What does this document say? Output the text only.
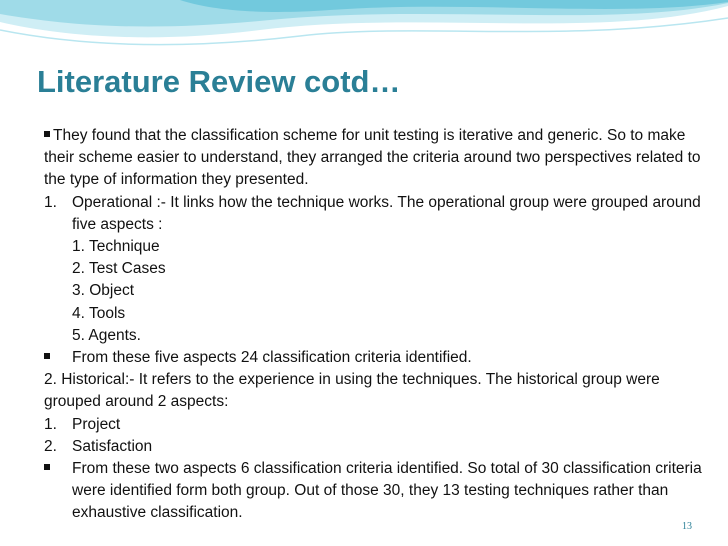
Literature Review cotd…
They found that the classification scheme for unit testing is iterative and generic. So to make their scheme easier to understand, they arranged the criteria around two perspectives related to the type of information they presented.
1. Operational :- It links how the technique works. The operational group were grouped around five aspects :
1. Technique
2. Test Cases
3. Object
4. Tools
5. Agents.
From these five aspects 24 classification criteria identified.
2. Historical:- It refers to the experience in using the techniques. The historical group were grouped around 2 aspects:
1. Project
2. Satisfaction
From these two aspects 6 classification criteria identified. So total of 30 classification criteria were identified form both group. Out of those 30, they 13 testing techniques rather than exhaustive classification.
13
